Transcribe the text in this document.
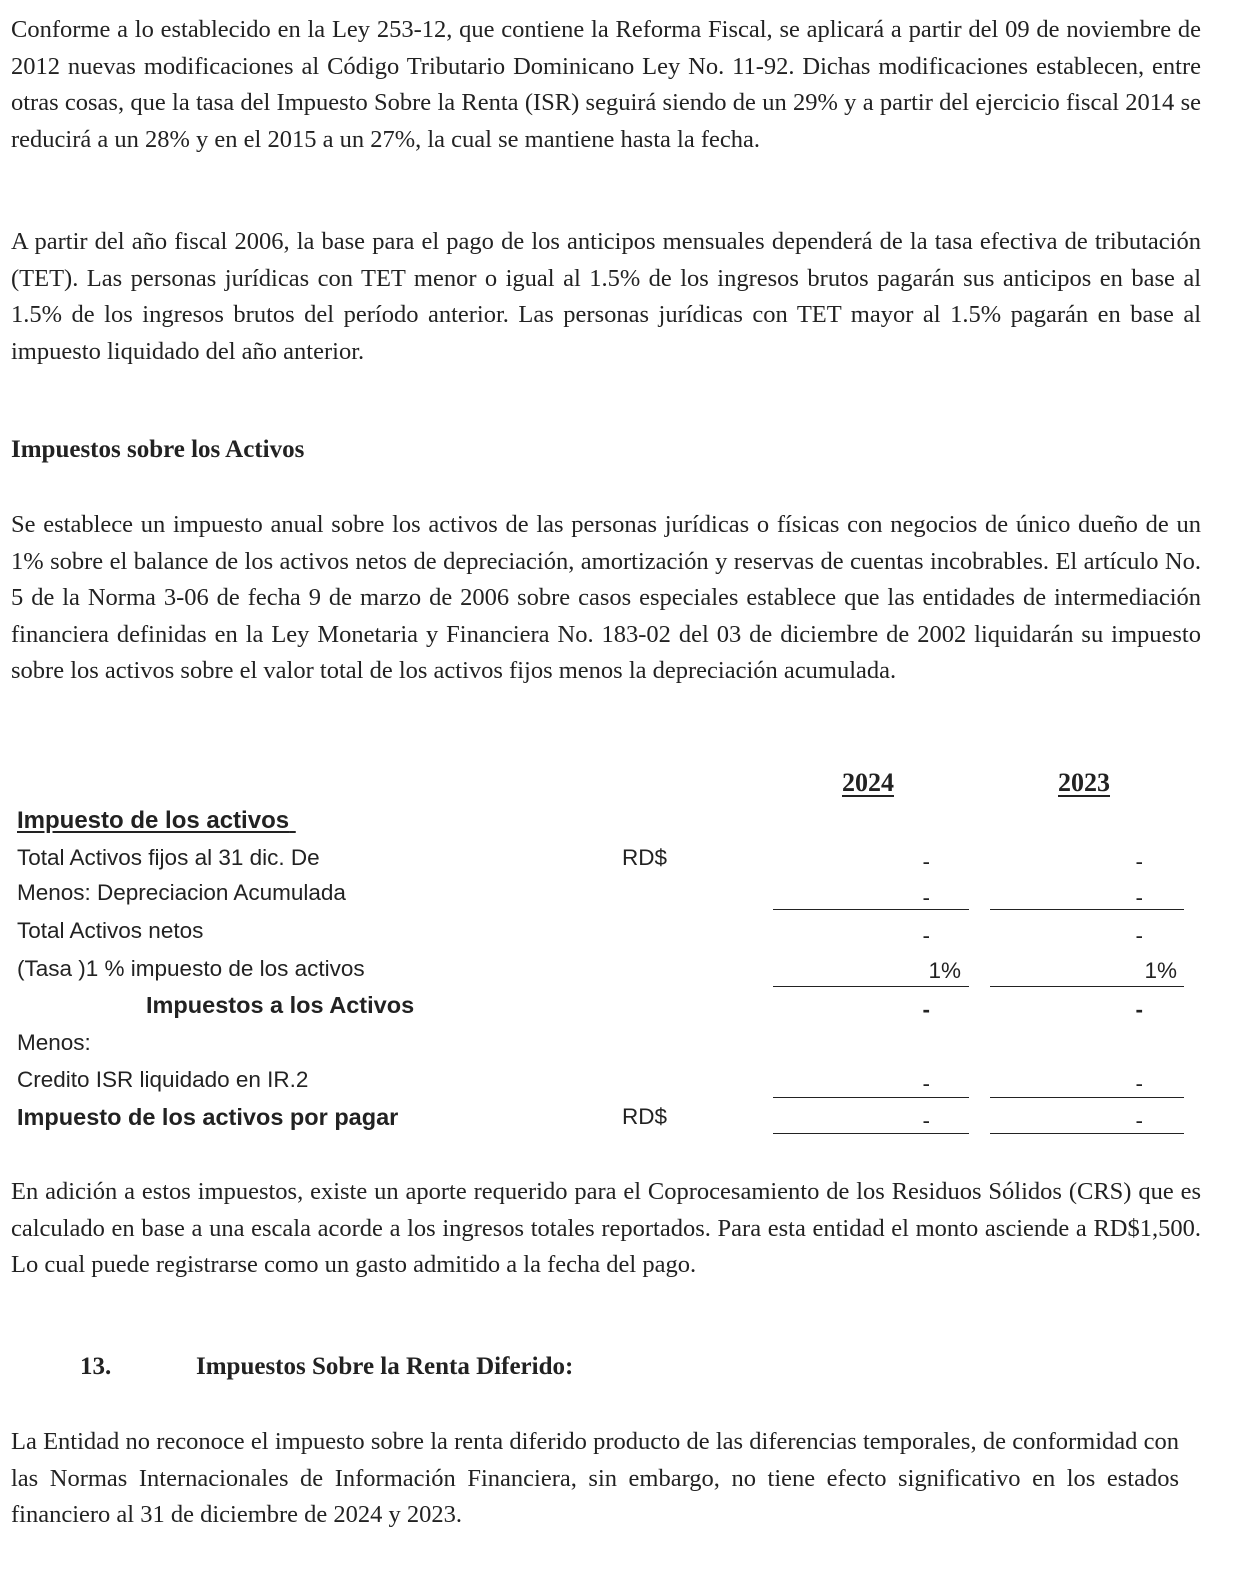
Conforme a lo establecido en la Ley 253-12, que contiene la Reforma Fiscal, se aplicará a partir del 09 de noviembre de 2012 nuevas modificaciones al Código Tributario Dominicano Ley No. 11-92. Dichas modificaciones establecen, entre otras cosas, que la tasa del Impuesto Sobre la Renta (ISR) seguirá siendo de un 29% y a partir del ejercicio fiscal 2014 se reducirá a un 28% y en el 2015 a un 27%, la cual se mantiene hasta la fecha.

A partir del año fiscal 2006, la base para el pago de los anticipos mensuales dependerá de la tasa efectiva de tributación (TET). Las personas jurídicas con TET menor o igual al 1.5% de los ingresos brutos pagarán sus anticipos en base al 1.5% de los ingresos brutos del período anterior. Las personas jurídicas con TET mayor al 1.5% pagarán en base al impuesto liquidado del año anterior.

Impuestos sobre los Activos

Se establece un impuesto anual sobre los activos de las personas jurídicas o físicas con negocios de único dueño de un 1% sobre el balance de los activos netos de depreciación, amortización y reservas de cuentas incobrables. El artículo No. 5 de la Norma 3-06 de fecha 9 de marzo de 2006 sobre casos especiales establece que las entidades de intermediación financiera definidas en la Ley Monetaria y Financiera No. 183-02 del 03 de diciembre de 2002 liquidarán su impuesto sobre los activos sobre el valor total de los activos fijos menos la depreciación acumulada.

2024	2023
Impuesto de los activos
Total Activos fijos al 31 dic. De	RD$	-	-
Menos: Depreciacion Acumulada	-	-
Total Activos netos	-	-
(Tasa )1 % impuesto de los activos	1%	1%
Impuestos a los Activos	-	-
Menos:
Credito ISR liquidado en IR.2	-	-
Impuesto de los activos por pagar	RD$	-	-

En adición a estos impuestos, existe un aporte requerido para el Coprocesamiento de los Residuos Sólidos (CRS) que es calculado en base a una escala acorde a los ingresos totales reportados. Para esta entidad el monto asciende a RD$1,500. Lo cual puede registrarse como un gasto admitido a la fecha del pago.

13.	Impuestos Sobre la Renta Diferido:

La Entidad no reconoce el impuesto sobre la renta diferido producto de las diferencias temporales, de conformidad con las Normas Internacionales de Información Financiera, sin embargo, no tiene efecto significativo en los estados financiero al 31 de diciembre de 2024 y 2023.
